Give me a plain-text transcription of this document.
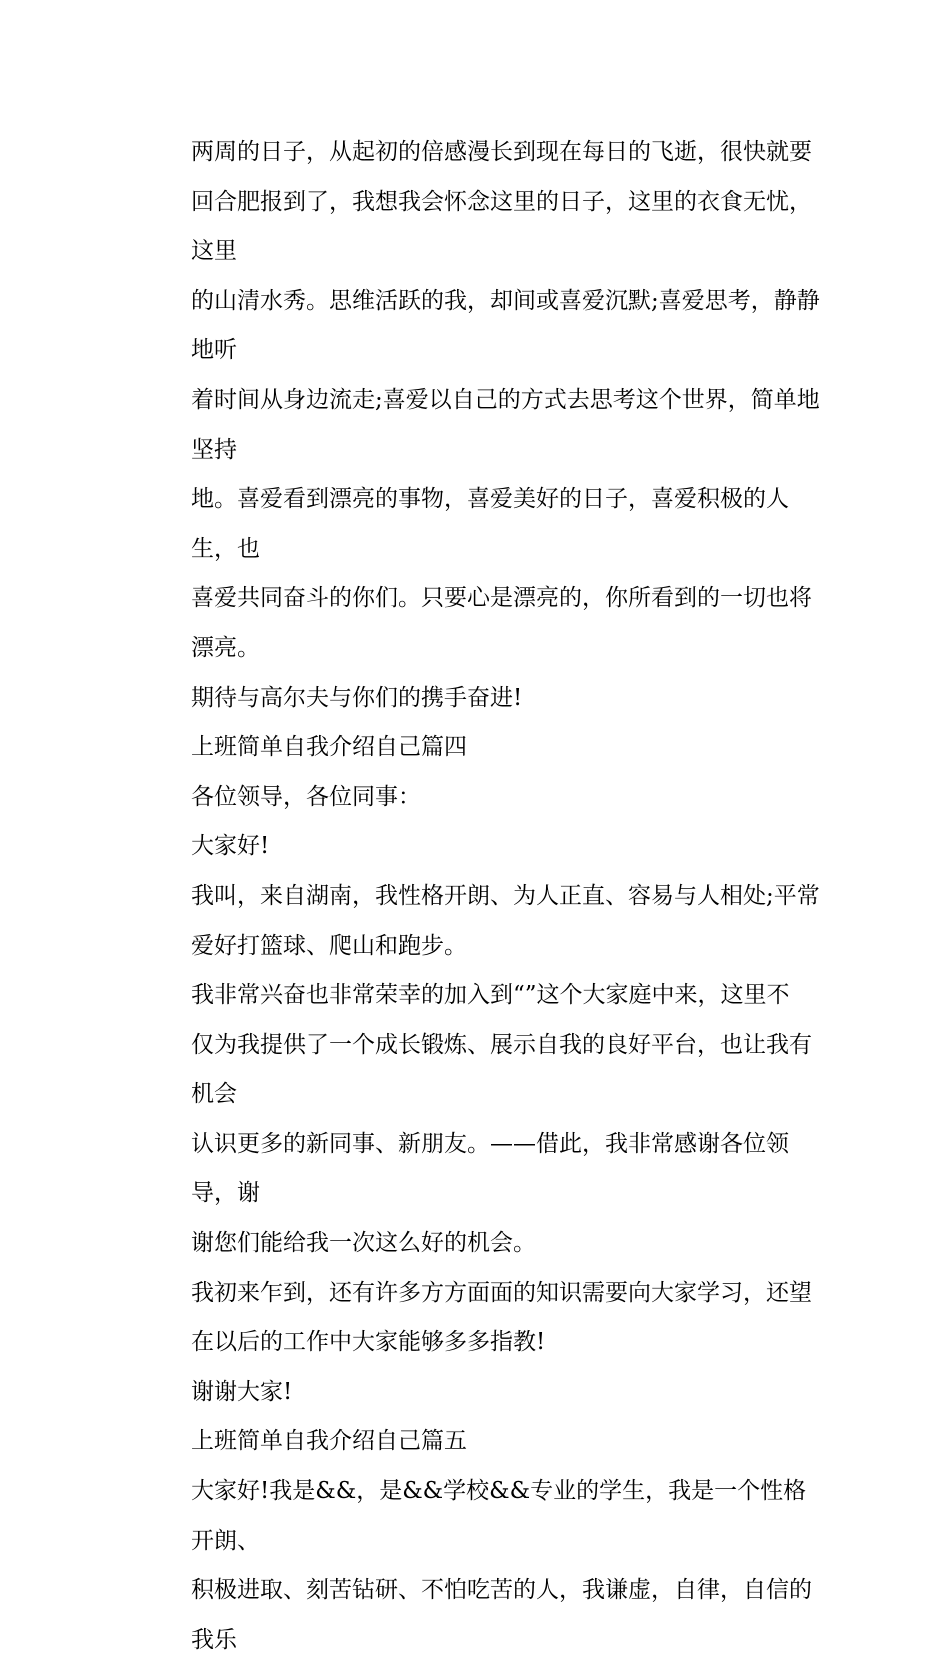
两周的日子，从起初的倍感漫长到现在每日的飞逝，很快就要
回合肥报到了，我想我会怀念这里的日子，这里的衣食无忧，这里
的山清水秀。思维活跃的我，却间或喜爱沉默;喜爱思考，静静地听
着时间从身边流走;喜爱以自己的方式去思考这个世界，简单地坚持
地。喜爱看到漂亮的事物，喜爱美好的日子，喜爱积极的人生，也
喜爱共同奋斗的你们。只要心是漂亮的，你所看到的一切也将漂亮。
期待与高尔夫与你们的携手奋进!

上班简单自我介绍自己篇四

各位领导，各位同事：

大家好!

我叫，来自湖南，我性格开朗、为人正直、容易与人相处;平常
爱好打篮球、爬山和跑步。

我非常兴奋也非常荣幸的加入到“”这个大家庭中来，这里不
仅为我提供了一个成长锻炼、展示自我的良好平台，也让我有机会
认识更多的新同事、新朋友。——借此，我非常感谢各位领导，谢
谢您们能给我一次这么好的机会。

我初来乍到，还有许多方方面面的知识需要向大家学习，还望
在以后的工作中大家能够多多指教!

谢谢大家!

上班简单自我介绍自己篇五

大家好!我是&&，是&&学校&&专业的学生，我是一个性格开朗、
积极进取、刻苦钻研、不怕吃苦的人，我谦虚，自律，自信的我乐
